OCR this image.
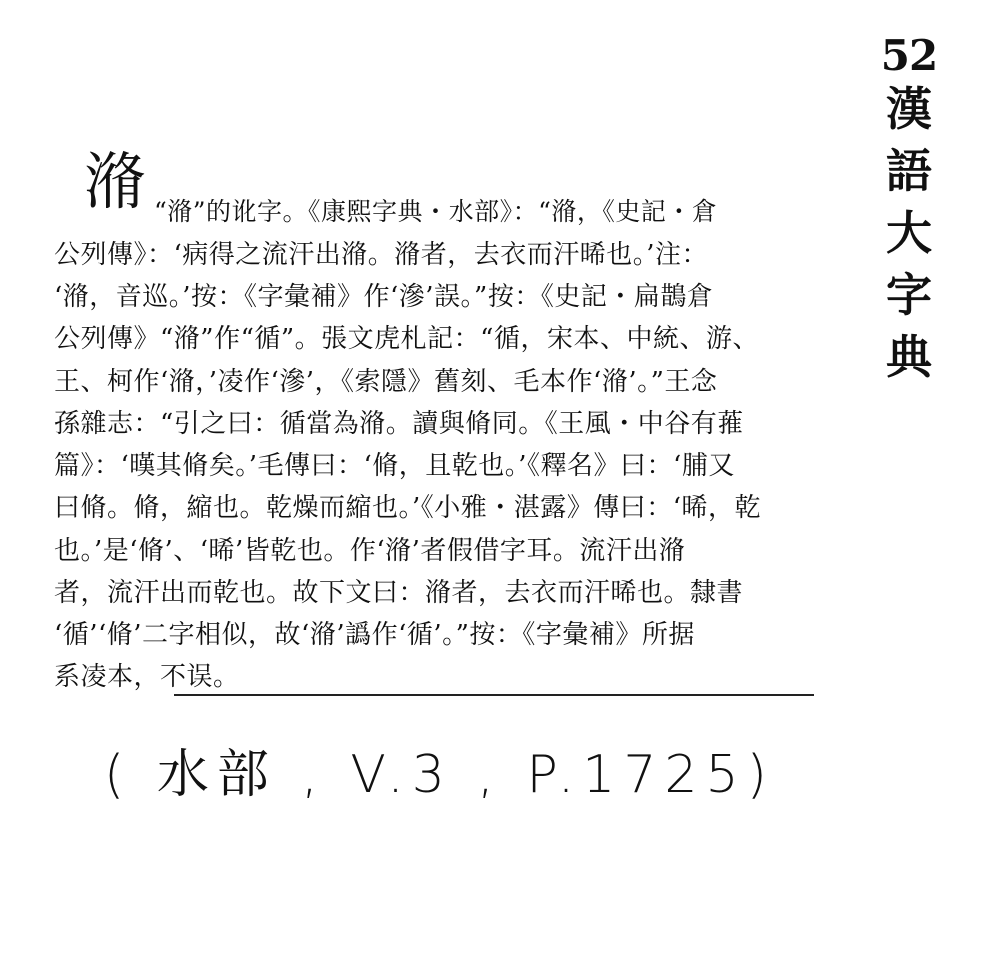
52
漢
語
大
字
典
潃 “潃”的讹字。《康熙字典・水部》：“潃，《史記・倉
公列傳》：‘病得之流汗出潃。潃者，去衣而汗晞也。’注：
‘潃，音巡。’按：《字彙補》作‘滲’誤。”按：《史記・扁鵲倉
公列傳》“潃”作“循”。張文虎札記：“循，宋本、中統、游、
王、柯作‘潃，’凌作‘滲’，《索隱》舊刻、毛本作‘潃’。”王念
孫雜志：“引之曰：循當為潃。讀與脩同。《王風・中谷有蓷
篇》：‘暵其脩矣。’毛傳曰：‘脩，且乾也。’《釋名》曰：‘脯又
曰脩。脩，縮也。乾燥而縮也。’《小雅・湛露》傳曰：‘晞，乾
也。’是‘脩’、‘晞’皆乾也。作‘潃’者假借字耳。流汗出潃
者，流汗出而乾也。故下文曰：潃者，去衣而汗晞也。隸書
‘循’‘脩’二字相似，故‘潃’譌作‘循’。”按：《字彙補》所据
系凌本，不误。
( 水部 , V.3 , P.1725)
